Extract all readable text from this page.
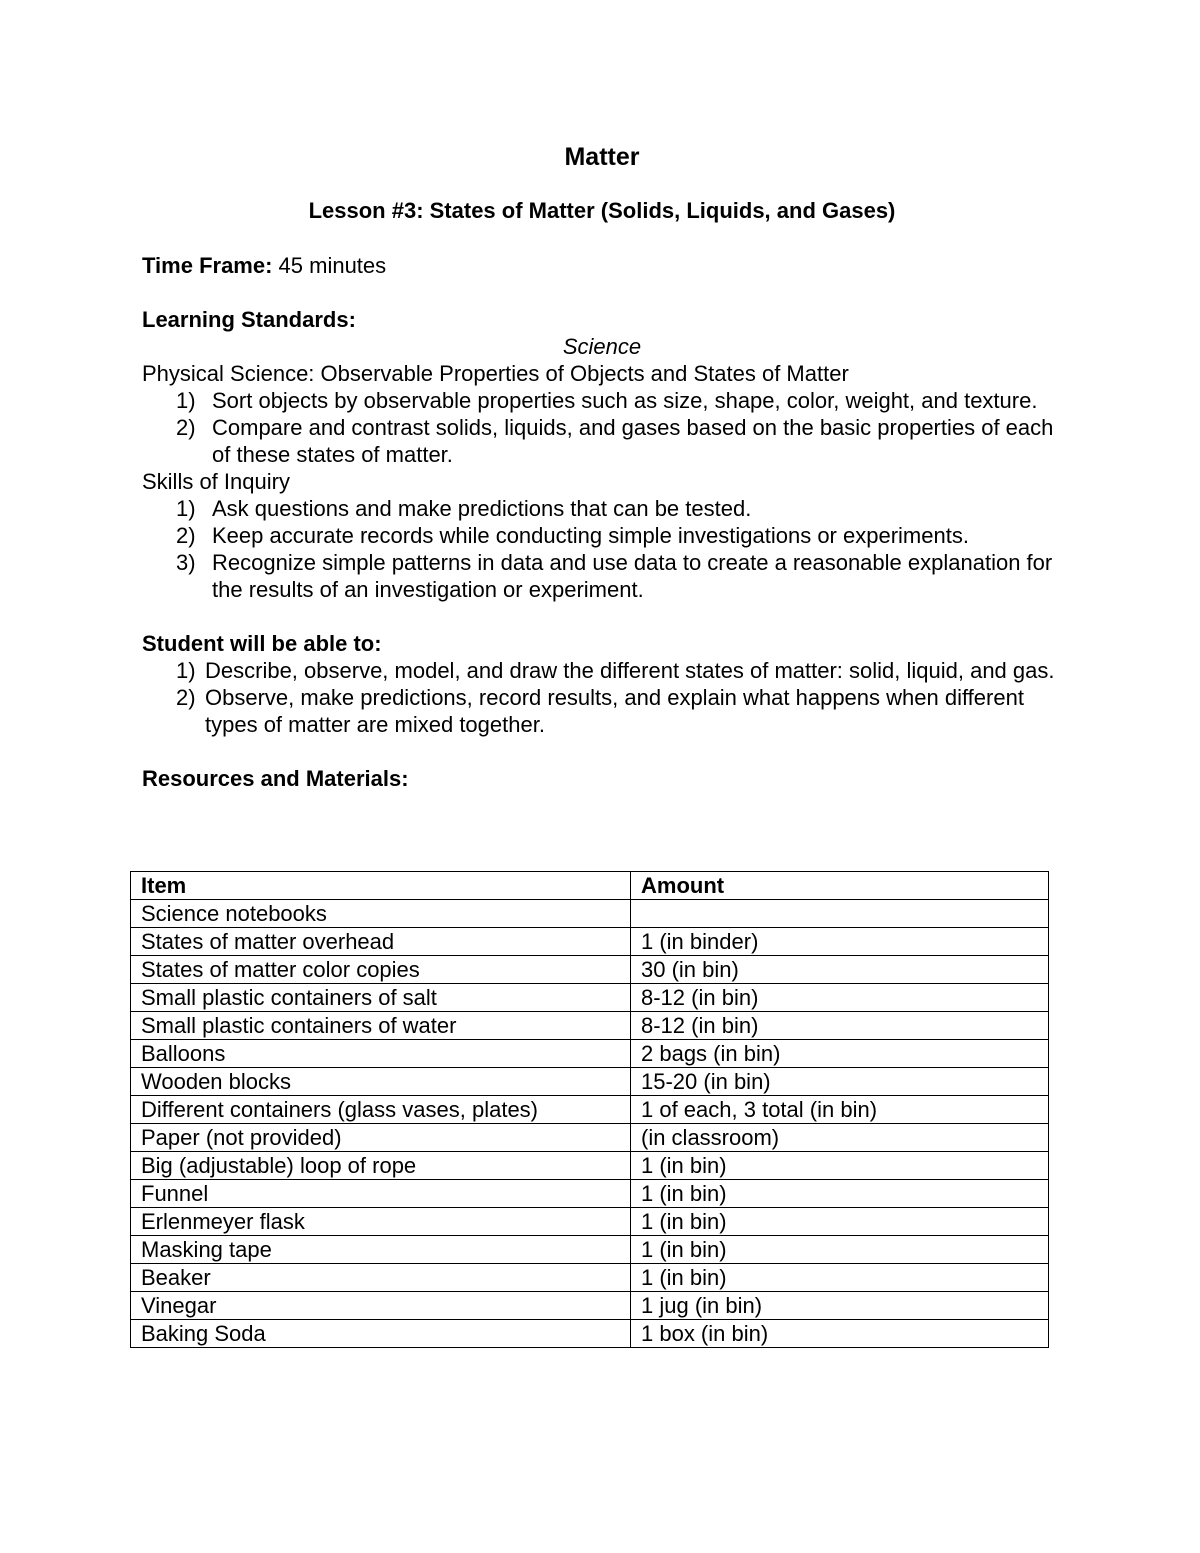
Matter

Lesson #3: States of Matter (Solids, Liquids, and Gases)

Time Frame: 45 minutes

Learning Standards:

Science

Physical Science: Observable Properties of Objects and States of Matter

1) Sort objects by observable properties such as size, shape, color, weight, and texture.
2) Compare and contrast solids, liquids, and gases based on the basic properties of each of these states of matter.

Skills of Inquiry

1) Ask questions and make predictions that can be tested.
2) Keep accurate records while conducting simple investigations or experiments.
3) Recognize simple patterns in data and use data to create a reasonable explanation for the results of an investigation or experiment.

Student will be able to:

1) Describe, observe, model, and draw the different states of matter: solid, liquid, and gas.
2) Observe, make predictions, record results, and explain what happens when different types of matter are mixed together.

Resources and Materials:

Item	Amount
Science notebooks	
States of matter overhead	1 (in binder)
States of matter color copies	30 (in bin)
Small plastic containers of salt	8-12 (in bin)
Small plastic containers of water	8-12 (in bin)
Balloons	2 bags (in bin)
Wooden blocks	15-20 (in bin)
Different containers (glass vases, plates)	1 of each, 3 total (in bin)
Paper (not provided)	(in classroom)
Big (adjustable) loop of rope	1 (in bin)
Funnel	1 (in bin)
Erlenmeyer flask	1 (in bin)
Masking tape	1 (in bin)
Beaker	1 (in bin)
Vinegar	1 jug (in bin)
Baking Soda	1 box (in bin)
